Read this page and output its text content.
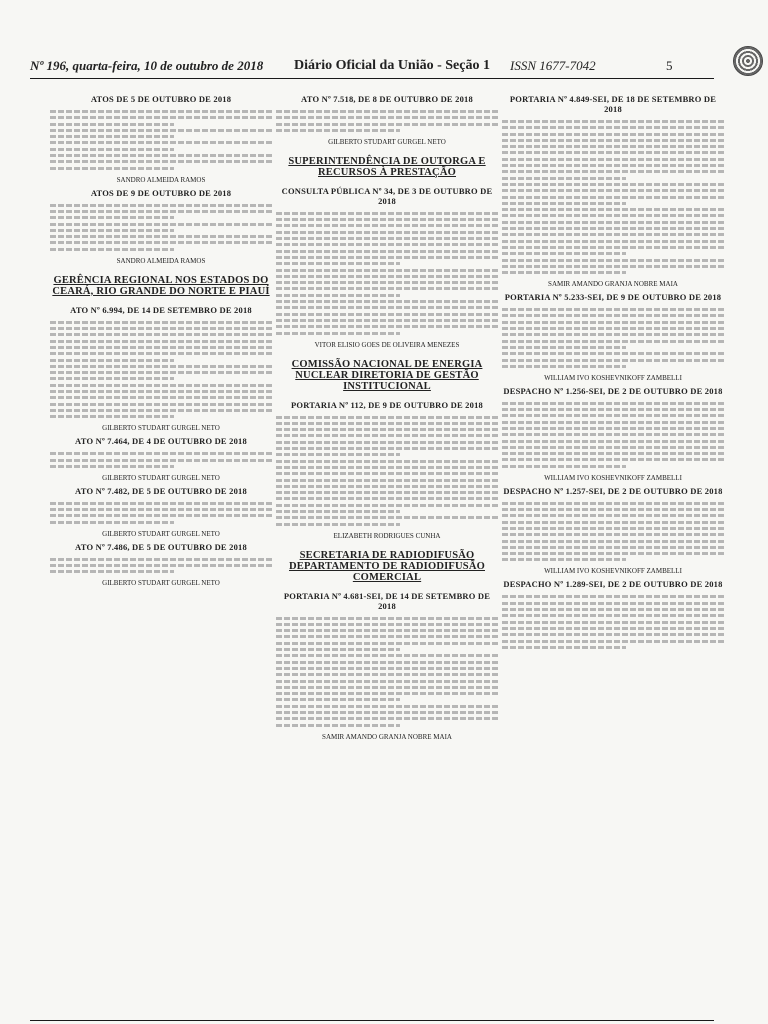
Nº 196, quarta-feira, 10 de outubro de 2018 Diário Oficial da União - Seção 1 ISSN 1677-7042	5
ATOS DE 5 DE OUTUBRO DE 2018
SANDRO ALMEIDA RAMOS
ATOS DE 9 DE OUTUBRO DE 2018
SANDRO ALMEIDA RAMOS
GERÊNCIA REGIONAL NOS ESTADOS DO CEARÁ, RIO GRANDE DO NORTE E PIAUÍ
ATO Nº 6.994, DE 14 DE SETEMBRO DE 2018
GILBERTO STUDART GURGEL NETO
ATO Nº 7.464, DE 4 DE OUTUBRO DE 2018
GILBERTO STUDART GURGEL NETO
ATO Nº 7.482, DE 5 DE OUTUBRO DE 2018
GILBERTO STUDART GURGEL NETO
ATO Nº 7.486, DE 5 DE OUTUBRO DE 2018
GILBERTO STUDART GURGEL NETO
ATO Nº 7.518, DE 8 DE OUTUBRO DE 2018
GILBERTO STUDART GURGEL NETO
SUPERINTENDÊNCIA DE OUTORGA E RECURSOS À PRESTAÇÃO
CONSULTA PÚBLICA Nº 34, DE 3 DE OUTUBRO DE 2018
VITOR ELISIO GOES DE OLIVEIRA MENEZES
COMISSÃO NACIONAL DE ENERGIA NUCLEAR DIRETORIA DE GESTÃO INSTITUCIONAL
PORTARIA Nº 112, DE 9 DE OUTUBRO DE 2018
ELIZABETH RODRIGUES CUNHA
SECRETARIA DE RADIODIFUSÃO DEPARTAMENTO DE RADIODIFUSÃO COMERCIAL
PORTARIA Nº 4.681-SEI, DE 14 DE SETEMBRO DE 2018
SAMIR AMANDO GRANJA NOBRE MAIA
PORTARIA Nº 4.849-SEI, DE 18 DE SETEMBRO DE 2018
SAMIR AMANDO GRANJA NOBRE MAIA
PORTARIA Nº 5.233-SEI, DE 9 DE OUTUBRO DE 2018
WILLIAM IVO KOSHEVNIKOFF ZAMBELLI
DESPACHO Nº 1.256-SEI, DE 2 DE OUTUBRO DE 2018
WILLIAM IVO KOSHEVNIKOFF ZAMBELLI
DESPACHO Nº 1.257-SEI, DE 2 DE OUTUBRO DE 2018
WILLIAM IVO KOSHEVNIKOFF ZAMBELLI
DESPACHO Nº 1.289-SEI, DE 2 DE OUTUBRO DE 2018
